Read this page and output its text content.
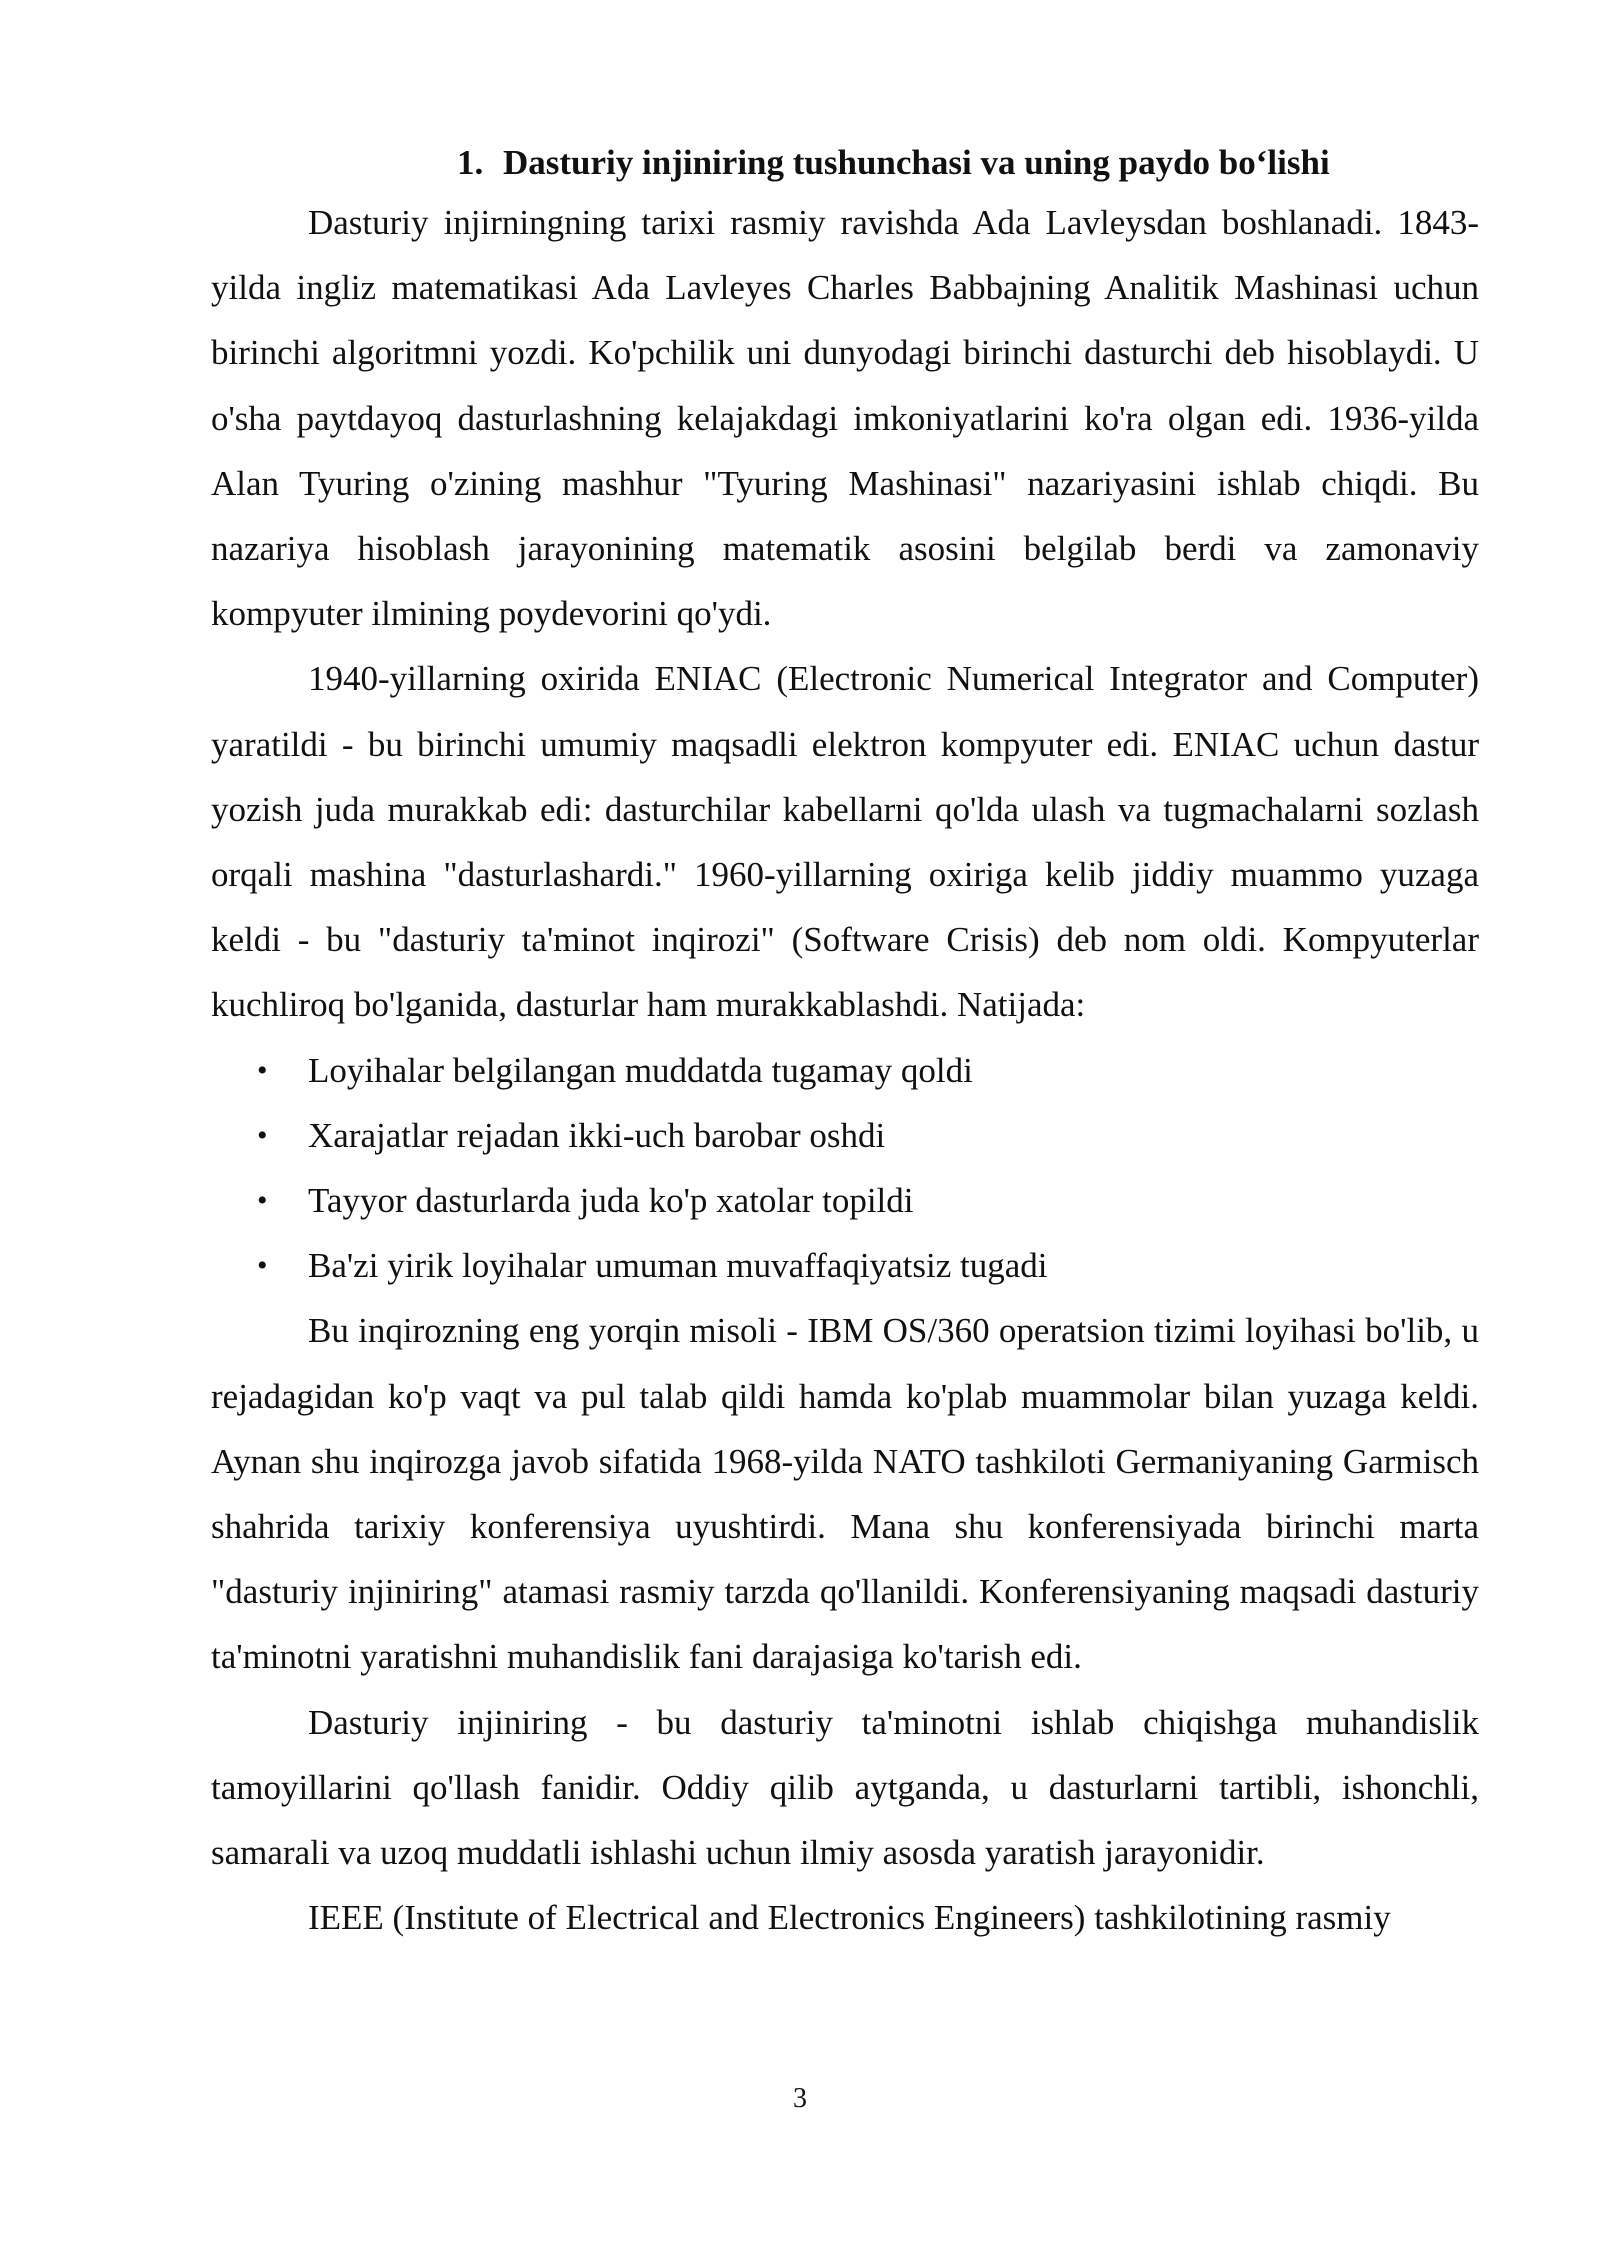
1. Dasturiy injiniring tushunchasi va uning paydo bo‘lishi

Dasturiy injirningning tarixi rasmiy ravishda Ada Lavleysdan boshlanadi. 1843-yilda ingliz matematikasi Ada Lavleyes Charles Babbajning Analitik Mashinasi uchun birinchi algoritmni yozdi. Ko'pchilik uni dunyodagi birinchi dasturchi deb hisoblaydi. U o'sha paytdayoq dasturlashning kelajakdagi imkoniyatlarini ko'ra olgan edi. 1936-yilda Alan Tyuring o'zining mashhur "Tyuring Mashinasi" nazariyasini ishlab chiqdi. Bu nazariya hisoblash jarayonining matematik asosini belgilab berdi va zamonaviy kompyuter ilmining poydevorini qo'ydi.

1940-yillarning oxirida ENIAC (Electronic Numerical Integrator and Computer) yaratildi - bu birinchi umumiy maqsadli elektron kompyuter edi. ENIAC uchun dastur yozish juda murakkab edi: dasturchilar kabellarni qo'lda ulash va tugmachalarni sozlash orqali mashina "dasturlashardi." 1960-yillarning oxiriga kelib jiddiy muammo yuzaga keldi - bu "dasturiy ta'minot inqirozi" (Software Crisis) deb nom oldi. Kompyuterlar kuchliroq bo'lganida, dasturlar ham murakkablashdi. Natijada:

• Loyihalar belgilangan muddatda tugamay qoldi
• Xarajatlar rejadan ikki-uch barobar oshdi
• Tayyor dasturlarda juda ko'p xatolar topildi
• Ba'zi yirik loyihalar umuman muvaffaqiyatsiz tugadi

Bu inqirozning eng yorqin misoli - IBM OS/360 operatsion tizimi loyihasi bo'lib, u rejadagidan ko'p vaqt va pul talab qildi hamda ko'plab muammolar bilan yuzaga keldi. Aynan shu inqirozga javob sifatida 1968-yilda NATO tashkiloti Germaniyaning Garmisch shahrida tarixiy konferensiya uyushtirdi. Mana shu konferensiyada birinchi marta "dasturiy injiniring" atamasi rasmiy tarzda qo'llanildi. Konferensiyaning maqsadi dasturiy ta'minotni yaratishni muhandislik fani darajasiga ko'tarish edi.

Dasturiy injiniring - bu dasturiy ta'minotni ishlab chiqishga muhandislik tamoyillarini qo'llash fanidir. Oddiy qilib aytganda, u dasturlarni tartibli, ishonchli, samarali va uzoq muddatli ishlashi uchun ilmiy asosda yaratish jarayonidir.

IEEE (Institute of Electrical and Electronics Engineers) tashkilotining rasmiy

3
